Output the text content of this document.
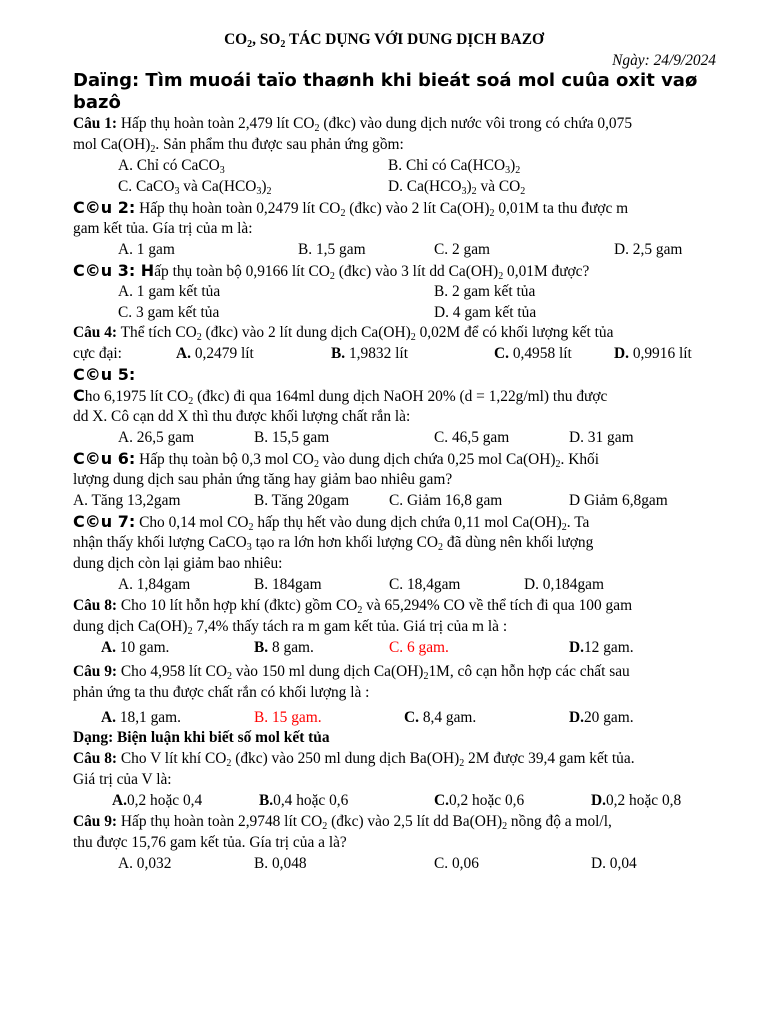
$CO_2$, $SO_2$ TÁC DỤNG VỚI DUNG DỊCH BAZƠ
Ngày: 24/9/2024
Daïng: Tìm muoái taïo thaønh khi bieát soá mol cuûa oxit vaø
bazô
Câu 1: Hấp thụ hoàn toàn 2,479 lít $CO_2$ (đkc) vào dung dịch nước vôi trong có chứa 0,075
mol $Ca(OH)_2$. Sản phẩm thu được sau phản ứng gồm:
A. Chỉ có CaCO$_3$	B. Chỉ có $Ca(HCO_3)_2$
C. CaCO$_3$ và $Ca(HCO_3)_2$	D. $Ca(HCO_3)_2$ và $CO_2$
C©u 2: Hấp thụ hoàn toàn 0,2479 lít $CO_2$ (đkc) vào 2 lít $Ca(OH)_2$ 0,01M ta thu được m
gam kết tủa. Gía trị của m là:
A. 1 gam	B. 1,5 gam	C. 2 gam	D. 2,5 gam
C©u 3: Hấp thụ toàn bộ 0,9166 lít $CO_2$ (đkc) vào 3 lít dd $Ca(OH)_2$ 0,01M được?
A. 1 gam kết tủa	B. 2 gam kết tủa
C. 3 gam kết tủa	D. 4 gam kết tủa
Câu 4: Thể tích $CO_2$ (đkc) vào 2 lít dung dịch $Ca(OH)_2$ 0,02M để có khối lượng kết tủa
cực đại:	A. 0,2479 lít	B. 1,9832 lít	C. 0,4958 lít	D. 0,9916 lít
C©u 5:
Cho 6,1975 lít $CO_2$ (đkc) đi qua 164ml dung dịch NaOH 20% (d = 1,22g/ml) thu được
dd X. Cô cạn dd X thì thu được khối lượng chất rắn là:
A. 26,5 gam	B. 15,5 gam	C. 46,5 gam	D. 31 gam
C©u 6: Hấp thụ toàn bộ 0,3 mol $CO_2$ vào dung dịch chứa 0,25 mol $Ca(OH)_2$. Khối
lượng dung dịch sau phản ứng tăng hay giảm bao nhiêu gam?
A. Tăng 13,2gam	B. Tăng 20gam	C. Giảm 16,8 gam	D Giảm 6,8gam
C©u 7: Cho 0,14 mol $CO_2$ hấp thụ hết vào dung dịch chứa 0,11 mol $Ca(OH)_2$. Ta
nhận thấy khối lượng CaCO$_3$ tạo ra lớn hơn khối lượng $CO_2$ đã dùng nên khối lượng
dung dịch còn lại giảm bao nhiêu:
A. 1,84gam	B. 184gam	C. 18,4gam	D. 0,184gam
Câu 8: Cho 10 lít hỗn hợp khí (đktc) gồm $CO_2$ và 65,294% CO về thể tích đi qua 100 gam
dung dịch $Ca(OH)_2$ 7,4% thấy tách ra m gam kết tủa. Giá trị của m là :
A. 10 gam.	B. 8 gam.	C. 6 gam.	D.12 gam.
Câu 9: Cho 4,958 lít $CO_2$ vào 150 ml dung dịch $Ca(OH)_21M$, cô cạn hỗn hợp các chất sau
phản ứng ta thu được chất rắn có khối lượng là :
A. 18,1 gam.	B. 15 gam.	C. 8,4 gam.	D.20 gam.
Dạng: Biện luận khi biết số mol kết tủa
Câu 8: Cho V lít khí $CO_2$ (đkc) vào 250 ml dung dịch $Ba(OH)_2$ 2M được 39,4 gam kết tủa.
Giá trị của V là:
A.0,2 hoặc 0,4	B.0,4 hoặc 0,6	C.0,2 hoặc 0,6	D.0,2 hoặc 0,8
Câu 9: Hấp thụ hoàn toàn 2,9748 lít $CO_2$ (đkc) vào 2,5 lít dd $Ba(OH)_2$ nồng độ a mol/l,
thu được 15,76 gam kết tủa. Gía trị của a là?
A. 0,032	B. 0,048	C. 0,06	D. 0,04
